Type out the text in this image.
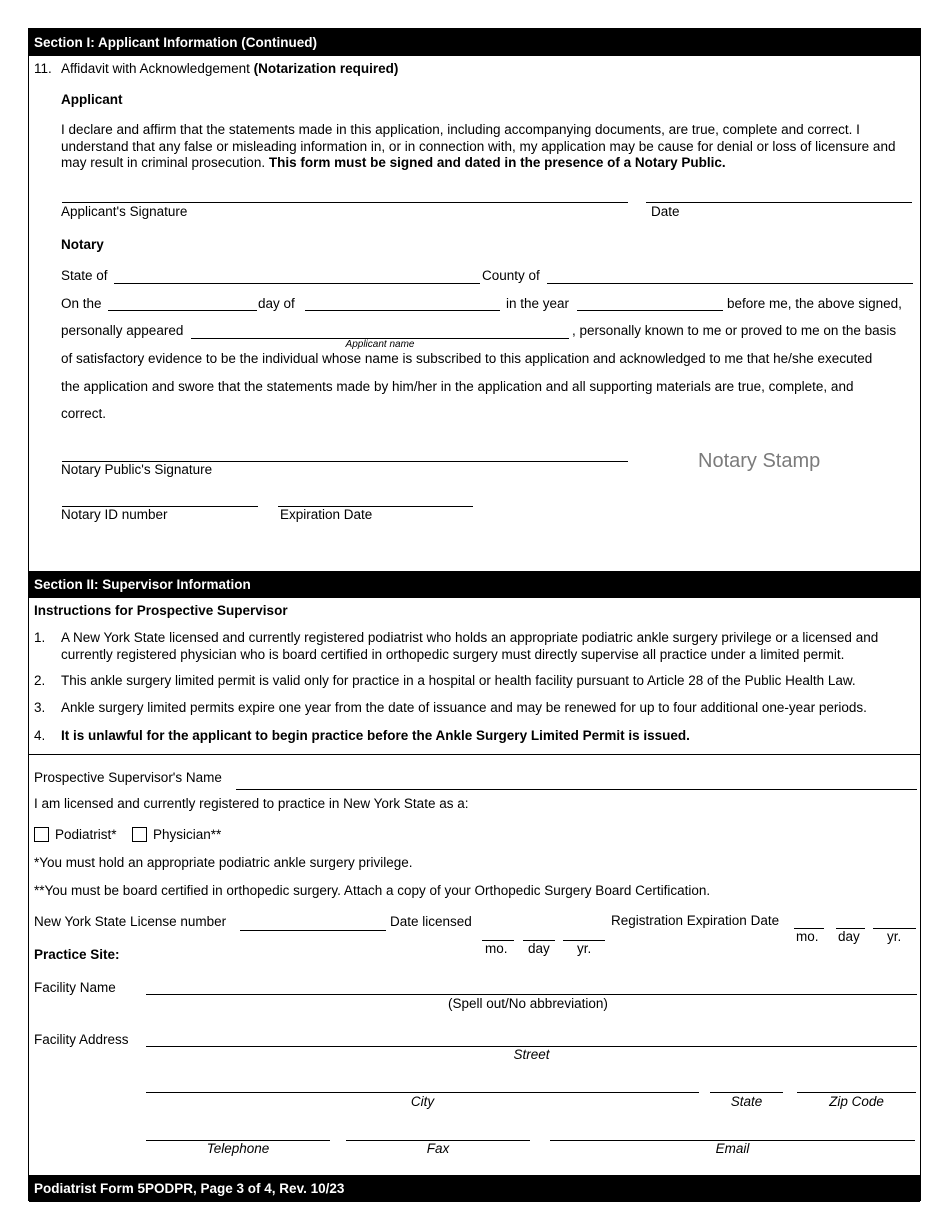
Section I: Applicant Information (Continued)
11. Affidavit with Acknowledgement (Notarization required)
Applicant
I declare and affirm that the statements made in this application, including accompanying documents, are true, complete and correct. I understand that any false or misleading information in, or in connection with, my application may be cause for denial or loss of licensure and may result in criminal prosecution. This form must be signed and dated in the presence of a Notary Public.
Applicant's Signature	Date
Notary
State of	County of
On the	day of	in the year	before me, the above signed,
personally appeared
Applicant name
, personally known to me or proved to me on the basis
of satisfactory evidence to be the individual whose name is subscribed to this application and acknowledged to me that he/she executed
the application and swore that the statements made by him/her in the application and all supporting materials are true, complete, and
correct.
Notary Public's Signature	Notary Stamp
Notary ID number	Expiration Date
Section II: Supervisor Information
Instructions for Prospective Supervisor
1. A New York State licensed and currently registered podiatrist who holds an appropriate podiatric ankle surgery privilege or a licensed and currently registered physician who is board certified in orthopedic surgery must directly supervise all practice under a limited permit.
2. This ankle surgery limited permit is valid only for practice in a hospital or health facility pursuant to Article 28 of the Public Health Law.
3. Ankle surgery limited permits expire one year from the date of issuance and may be renewed for up to four additional one-year periods.
4. It is unlawful for the applicant to begin practice before the Ankle Surgery Limited Permit is issued.
Prospective Supervisor's Name
I am licensed and currently registered to practice in New York State as a:
Podiatrist*	Physician**
*You must hold an appropriate podiatric ankle surgery privilege.
**You must be board certified in orthopedic surgery. Attach a copy of your Orthopedic Surgery Board Certification.
New York State License number	Date licensed
mo. day yr.
Registration Expiration Date
mo. day yr.
Practice Site:
Facility Name
(Spell out/No abbreviation)
Facility Address
Street
City	State	Zip Code
Telephone	Fax	Email
Podiatrist Form 5PODPR, Page 3 of 4, Rev. 10/23
